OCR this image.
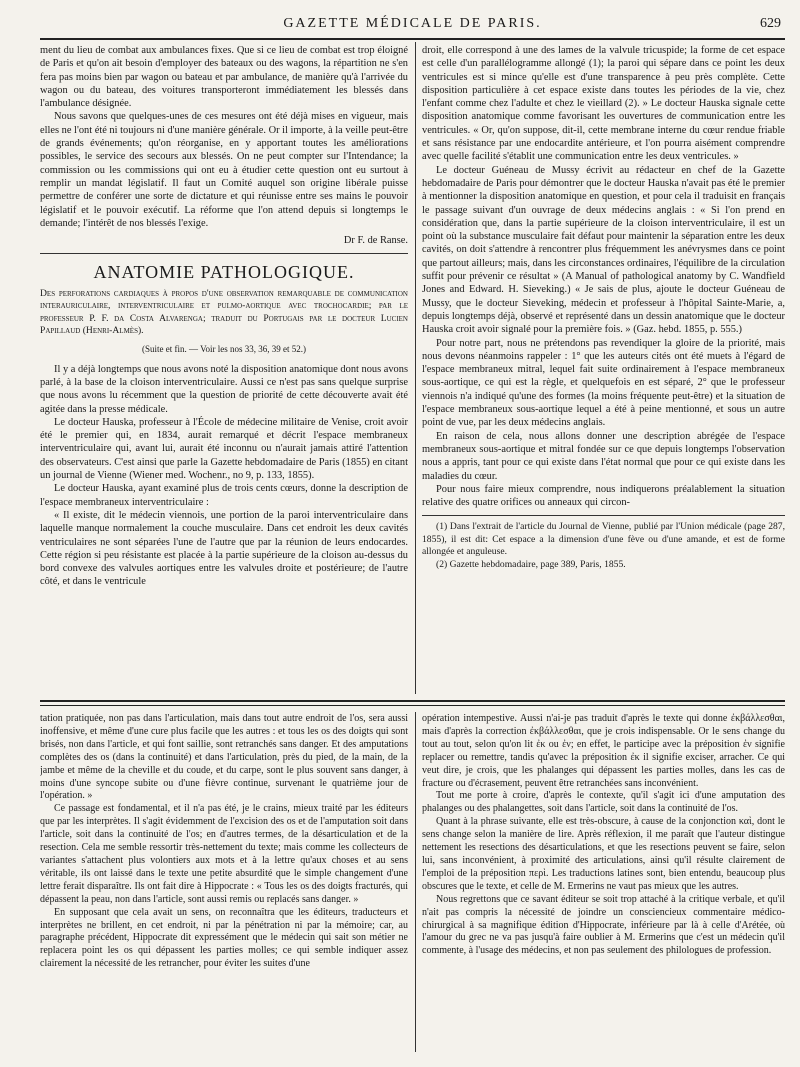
GAZETTE MÉDICALE DE PARIS.	629

ment du lieu de combat aux ambulances fixes. Que si ce lieu de combat est trop éloigné de Paris et qu'on ait besoin d'employer des bateaux ou des wagons, la répartition ne s'en fera pas moins bien par wagon ou bateau et par ambulance, de manière qu'à l'arrivée du wagon ou du bateau, des voitures transporteront immédiatement les blessés dans l'ambulance désignée.

Nous savons que quelques-unes de ces mesures ont été déjà mises en vigueur, mais elles ne l'ont été ni toujours ni d'une manière générale. Or il importe, à la veille peut-être de grands événements; qu'on réorganise, en y apportant toutes les améliorations possibles, le service des secours aux blessés. On ne peut compter sur l'Intendance; la commission ou les commissions qui ont eu à étudier cette question ont eu surtout à remplir un mandat législatif. Il faut un Comité auquel son origine libérale puisse permettre de conférer une sorte de dictature et qui réunisse entre ses mains le pouvoir législatif et le pouvoir exécutif. La réforme que l'on attend depuis si longtemps le demande; l'intérêt de nos blessés l'exige.

Dr F. de Ranse.
ANATOMIE PATHOLOGIQUE.

Des perforations cardiaques à propos d'une observation remarquable de communication interauriculaire, interventriculaire et pulmo-aortique avec trochocardie; par le professeur P. F. da Costa Alvarenga; traduit du Portugais par le docteur Lucien Papillaud (Henri-Almès).

(Suite et fin. — Voir les nos 33, 36, 39 et 52.)

Il y a déjà longtemps que nous avons noté la disposition anatomique dont nous avons parlé, à la base de la cloison interventriculaire. Aussi ce n'est pas sans quelque surprise que nous avons lu récemment que la question de priorité de cette découverte avait été agitée dans la presse médicale.

Le docteur Hauska, professeur à l'École de médecine militaire de Venise, croit avoir été le premier qui, en 1834, aurait remarqué et décrit l'espace membraneux interventriculaire qui, avant lui, aurait été inconnu ou n'aurait jamais attiré l'attention des observateurs. C'est ainsi que parle la Gazette hebdomadaire de Paris (1855) en citant un journal de Vienne (Wiener med. Wochenr., no 9, p. 133, 1855).

Le docteur Hauska, ayant examiné plus de trois cents cœurs, donne la description de l'espace membraneux interventriculaire :

« Il existe, dit le médecin viennois, une portion de la paroi interventriculaire dans laquelle manque normalement la couche musculaire. Dans cet endroit les deux cavités ventriculaires ne sont séparées l'une de l'autre que par la réunion de leurs endocardes. Cette région si peu résistante est placée à la partie supérieure de la cloison au-dessus du bord convexe des valvules aortiques entre les valvules droite et postérieure; de l'autre côté, et dans le ventricule

droit, elle correspond à une des lames de la valvule tricuspide; la forme de cet espace est celle d'un parallélogramme allongé (1); la paroi qui sépare dans ce point les deux ventricules est si mince qu'elle est d'une transparence à peu près complète. Cette disposition particulière à cet espace existe dans toutes les périodes de la vie, chez l'enfant comme chez l'adulte et chez le vieillard (2). » Le docteur Hauska signale cette disposition anatomique comme favorisant les ouvertures de communication entre les ventricules. « Or, qu'on suppose, dit-il, cette membrane interne du cœur rendue friable et sans résistance par une endocardite antérieure, et l'on pourra aisément comprendre avec quelle facilité s'établit une communication entre les deux ventricules. »

Le docteur Guéneau de Mussy écrivit au rédacteur en chef de la Gazette hebdomadaire de Paris pour démontrer que le docteur Hauska n'avait pas été le premier à mentionner la disposition anatomique en question, et pour cela il traduisit en français le passage suivant d'un ouvrage de deux médecins anglais : « Si l'on prend en considération que, dans la partie supérieure de la cloison interventriculaire, il est un point où la substance musculaire fait défaut pour maintenir la séparation entre les deux cavités, on doit s'attendre à rencontrer plus fréquemment les anévrysmes dans ce point que partout ailleurs; mais, dans les circonstances ordinaires, l'équilibre de la circulation suffit pour prévenir ce résultat » (A Manual of pathological anatomy by C. Wandfield Jones and Edward. H. Sieveking.) « Je sais de plus, ajoute le docteur Guéneau de Mussy, que le docteur Sieveking, médecin et professeur à l'hôpital Sainte-Marie, a, depuis longtemps déjà, observé et représenté dans un dessin anatomique que le docteur Hauska croit avoir signalé pour la première fois. » (Gaz. hebd. 1855, p. 555.)

Pour notre part, nous ne prétendons pas revendiquer la gloire de la priorité, mais nous devons néanmoins rappeler : 1° que les auteurs cités ont été muets à l'égard de l'espace membraneux mitral, lequel fait suite ordinairement à l'espace membraneux sous-aortique, ce qui est la règle, et quelquefois en est séparé, 2° que le professeur viennois n'a indiqué qu'une des formes (la moins fréquente peut-être) et la situation de l'espace membraneux sous-aortique lequel a été à peine mentionné, et sous un autre point de vue, par les deux médecins anglais.

En raison de cela, nous allons donner une description abrégée de l'espace membraneux sous-aortique et mitral fondée sur ce que depuis longtemps l'observation nous a appris, tant pour ce qui existe dans l'état normal que pour ce qui existe dans les maladies du cœur.

Pour nous faire mieux comprendre, nous indiquerons préalablement la situation relative des quatre orifices ou anneaux qui circon-

(1) Dans l'extrait de l'article du Journal de Vienne, publié par l'Union médicale (page 287, 1855), il est dit: Cet espace a la dimension d'une fève ou d'une amande, et est de forme allongée et anguleuse.

(2) Gazette hebdomadaire, page 389, Paris, 1855.

tation pratiquée, non pas dans l'articulation, mais dans tout autre endroit de l'os, sera aussi inoffensive, et même d'une cure plus facile que les autres : et tous les os des doigts qui sont brisés, non dans l'article, et qui font saillie, sont retranchés sans danger. Et des amputations complètes des os (dans la continuité) et dans l'articulation, près du pied, de la main, de la jambe et même de la cheville et du coude, et du carpe, sont le plus souvent sans danger, à moins d'une syncope subite ou d'une fièvre continue, survenant le quatrième jour de l'opération. »

Ce passage est fondamental, et il n'a pas été, je le crains, mieux traité par les éditeurs que par les interprètes. Il s'agit évidemment de l'excision des os et de l'amputation soit dans l'article, soit dans la continuité de l'os; en d'autres termes, de la désarticulation et de la resection. Cela me semble ressortir très-nettement du texte; mais comme les collecteurs de variantes s'attachent plus volontiers aux mots et à la lettre qu'aux choses et au sens véritable, ils ont laissé dans le texte une petite absurdité que le simple changement d'une lettre ferait disparaître. Ils ont fait dire à Hippocrate : « Tous les os des doigts fracturés, qui dépassent la peau, non dans l'article, sont aussi remis ou replacés sans danger. »

En supposant que cela avait un sens, on reconnaîtra que les éditeurs, traducteurs et interprètes ne brillent, en cet endroit, ni par la pénétration ni par la mémoire; car, au paragraphe précédent, Hippocrate dit expressément que le médecin qui sait son métier ne replacera point les os qui dépassent les parties molles; ce qui semble indiquer assez clairement la nécessité de les retrancher, pour éviter les suites d'une

opération intempestive. Aussi n'ai-je pas traduit d'après le texte qui donne ἐκβάλλεσθαι, mais d'après la correction ἐκβάλλεσθαι, que je crois indispensable. Or le sens change du tout au tout, selon qu'on lit ἐκ ou ἐν; en effet, le participe avec la préposition ἐν signifie replacer ou remettre, tandis qu'avec la préposition ἐκ il signifie exciser, arracher. Ce qui veut dire, je crois, que les phalanges qui dépassent les parties molles, dans les cas de fracture ou d'écrasement, peuvent être retranchées sans inconvénient.

Tout me porte à croire, d'après le contexte, qu'il s'agit ici d'une amputation des phalanges ou des phalangettes, soit dans l'article, soit dans la continuité de l'os.

Quant à la phrase suivante, elle est très-obscure, à cause de la conjonction καὶ, dont le sens change selon la manière de lire. Après réflexion, il me paraît que l'auteur distingue nettement les resections des désarticulations, et que les resections peuvent se faire, selon lui, sans inconvénient, à proximité des articulations, ainsi qu'il résulte clairement de l'emploi de la préposition περὶ. Les traductions latines sont, bien entendu, beaucoup plus obscures que le texte, et celle de M. Ermerins ne vaut pas mieux que les autres.

Nous regrettons que ce savant éditeur se soit trop attaché à la critique verbale, et qu'il n'ait pas compris la nécessité de joindre un consciencieux commentaire médico-chirurgical à sa magnifique édition d'Hippocrate, inférieure par là à celle d'Arétée, où l'amour du grec ne va pas jusqu'à faire oublier à M. Ermerins que c'est un médecin qu'il commente, à l'usage des médecins, et non pas seulement des philologues de profession.
